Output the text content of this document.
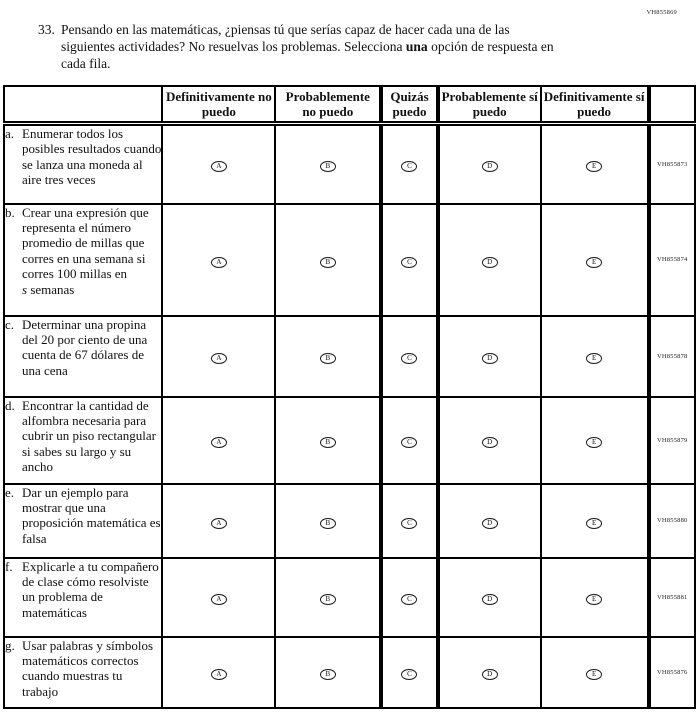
VH855869
33. Pensando en las matemáticas, ¿piensas tú que serías capaz de hacer cada una de las siguientes actividades? No resuelvas los problemas. Selecciona una opción de respuesta en cada fila.
	Definitivamente no puedo	Probablemente no puedo	Quizás puedo	Probablemente sí puedo	Definitivamente sí puedo	

a. Enumerar todos los posibles resultados cuando se lanza una moneda al aire tres veces	A	B	C	D	E	VH855873

b. Crear una expresión que representa el número promedio de millas que corres en una semana si corres 100 millas en s semanas	A	B	C	D	E	VH855874

c. Determinar una propina del 20 por ciento de una cuenta de 67 dólares de una cena	A	B	C	D	E	VH855878

d. Encontrar la cantidad de alfombra necesaria para cubrir un piso rectangular si sabes su largo y su ancho	A	B	C	D	E	VH855879

e. Dar un ejemplo para mostrar que una proposición matemática es falsa	A	B	C	D	E	VH855880

f. Explicarle a tu compañero de clase cómo resolviste un problema de matemáticas	A	B	C	D	E	VH855881

g. Usar palabras y símbolos matemáticos correctos cuando muestras tu trabajo	A	B	C	D	E	VH855876
